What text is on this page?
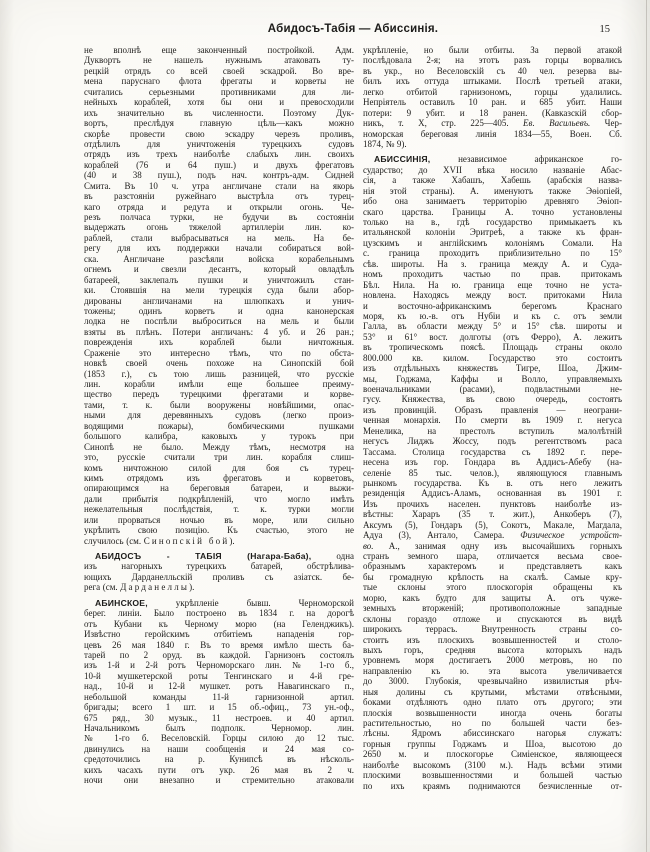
Абидосъ-Табія — Абиссинія.	15
не вполнѣ еще законченный постройкой. Адм.
Дуквортъ не нашелъ нужнымъ атаковать ту-
рецкій отрядъ со всей своей эскадрой. Во вре-
мена паруснаго флота фрегаты и корветы не
считались серьезными противниками для ли-
нейныхъ кораблей, хотя бы они и превосходили
ихъ значительно въ численности. Поэтому Дук-
вортъ, преслѣдуя главную цѣль—какъ можно
скорѣе провести свою эскадру черезъ проливъ,
отдѣлилъ для уничтоженія турецкихъ судовъ
отрядъ изъ трехъ наиболѣе слабыхъ лин. своихъ
кораблей (76 и 64 пуш.) и двухъ фрегатовъ
(40 и 38 пуш.), подъ нач. контръ-адм. Сидней
Смита. Въ 10 ч. утра англичане стали на якорь
въ разстояніи ружейнаго выстрѣла отъ турец-
каго отряда и редута и открыли огонь. Че-
резъ полчаса турки, не будучи въ состояніи
выдержать огонь тяжелой артиллеріи лин. ко-
раблей, стали выбрасываться на мель. На бе-
регу для ихъ поддержки начали собираться вой-
ска. Англичане разсѣяли войска корабельнымъ
огнемъ и свезли десантъ, который овладѣлъ
батареей, заклепалъ пушки и уничтожилъ стан-
ки. Стоявшія на мели турецкія суда были абор-
дированы англичанами на шлюпкахъ и унич-
тожены; одинъ корветъ и одна канонерская
лодка не поспѣли выброситься на мель и были
взяты въ плѣнъ. Потери англичанъ: 4 уб. и 26 ран.;
поврежденія ихъ кораблей были ничтожныя.
Сраженіе это интересно тѣмъ, что по обста-
новкѣ своей очень похоже на Синопскій бой
(1853 г.), съ тою лишь разницей, что русскіе
лин. корабли имѣли еще большее преиму-
щество передъ турецкими фрегатами и корве-
тами, т. к. были вооружены новѣйшими, опас-
ными для деревянныхъ судовъ (легко произ-
водящими пожары), бомбическими пушками
большого калибра, каковыхъ у турокъ при
Синопѣ не было. Между тѣмъ, несмотря на
это, русскіе считали три лин. корабля слиш-
комъ ничтожною силой для боя съ турец-
кимъ отрядомъ изъ фрегатовъ и корветовъ,
опирающимся на береговыя батареи, и выжи-
дали прибытія подкрѣпленій, что могло имѣть
нежелательныя послѣдствія, т. к. турки могли
или прорваться ночью въ море, или сильно
укрѣпить свою позицію. Къ счастью, этого не
случилось (см. Синопскій бой).
АБИДОСЪ - ТАБІЯ (Нагара-Баба), одна
изъ нагорныхъ турецкихъ батарей, обстрѣлива-
ющихъ Дарданелльскій проливъ съ азіатск. бе-
рега (см. Дарданеллы).
АБИНСКОЕ, укрѣпленіе бывш. Черноморской
берег. линіи. Было построено въ 1834 г. на дорогѣ
отъ Кубани къ Черному морю (на Геленджикъ).
Извѣстно геройскимъ отбитіемъ нападенія гор-
цевъ 26 мая 1840 г. Въ то время имѣло шесть ба-
тарей по 2 оруд. въ каждой. Гарнизонъ состоялъ
изъ 1-й и 2-й ротъ Черноморскаго лин. № 1-го б.,
10-й мушкетерской роты Тенгинскаго и 4-й гре-
над., 10-й и 12-й мушкет. ротъ Навагинскаго п.,
небольшой команды 11-й гарнизонной артил.
бригады; всего 1 шт. и 15 об.-офиц., 73 ун.-оф.,
675 ряд., 30 музык., 11 нестроев. и 40 артил.
Начальникомъ былъ подполк. Черномор. лин.
№ 1-го б. Веселовскій. Горцы силою до 12 тыс.
двинулись на наши сообщенія и 24 мая со-
средоточились на р. Кунипсѣ въ нѣсколь-
кихъ часахъ пути отъ укр. 26 мая въ 2 ч.
ночи они внезапно и стремительно атаковали
укрѣпленіе, но были отбиты. За первой атакой
послѣдовала 2-я; на этотъ разъ горцы ворвались
въ укр., но Веселовскій съ 40 чел. резерва вы-
билъ ихъ оттуда штыками. Послѣ третьей атаки,
легко отбитой гарнизономъ, горцы удалились.
Непріятель оставилъ 10 ран. и 685 убит. Наши
потери: 9 убит. и 18 ранен. (Кавказскій сбор-
никъ, т. X, стр. 225—405. Ев. Васильевъ. Чер-
номорская береговая линія 1834—55, Воен. Сб.
1874, № 9).
АБИССИНІЯ, независимое африканское го-
сударство; до XVII вѣка носило названіе Абас-
сія, а также Хабашъ, Хабешь (арабскія назва-
нія этой страны). А. именуютъ также Эѳіопіей,
ибо она занимаетъ территорію древняго Эѳіоп-
скаго царства. Границы А. точно установлены
только на в., гдѣ государство примыкаетъ къ
итальянской колоніи Эритреѣ, а также къ фран-
цузскимъ и англійскимъ колоніямъ Сомали. На
с. граница проходитъ приблизительно по 15°
сѣв. широты. На з. граница между А. и Суда-
номъ проходитъ частью по прав. притокамъ
Бѣл. Нила. На ю. граница еще точно не уста-
новлена. Находясь между вост. притоками Нила
и восточно-африканскимъ берегомъ Краснаго
моря, къ ю.-в. отъ Нубіи и къ с. отъ земли
Галла, въ области между 5° и 15° сѣв. широты и
53° и 61° вост. долготы (отъ Ферро), А. лежитъ
въ тропическомъ поясѣ. Площадь страны около
800.000 кв. килом. Государство это состоитъ
изъ отдѣльныхъ княжествъ Тигре, Шоа, Джим-
мы, Годжама, Каффы и Волло, управляемыхъ
военачальниками (расами), подвластными не-
гусу. Княжества, въ свою очередь, состоятъ
изъ провинцій. Образъ правленія — неограни-
ченная монархія. По смерти въ 1909 г. негуса
Менелика, на престолъ вступилъ малолѣтній
негусъ Лиджъ Жоссу, подъ регентствомъ раса
Тассама. Столица государства съ 1892 г. пере-
несена изъ гор. Гондара въ Аддисъ-Абебу (на-
селеніе 85 тыс. челов.), являющуюся главнымъ
рынкомъ государства. Къ в. отъ него лежитъ
резиденція Аддисъ-Аламъ, основанная въ 1901 г.
Изъ прочихъ населен. пунктовъ наиболѣе из-
вѣстны: Хараръ (35 т. жит.), Анкоберъ (7),
Аксумъ (5), Гондаръ (5), Сокотъ, Макале, Магдала,
Адуа (3), Антало, Самера. Физическое устройст-
во. А., занимая одну изъ высочайшихъ горныхъ
странъ земного шара, отличается весьма свое-
образнымъ характеромъ и представляетъ какъ
бы громадную крѣпость на скалѣ. Самые кру-
тые склоны этого плоскогорія обращены къ
морю, какъ будто для защиты А. отъ чуже-
земныхъ вторженій; противоположные западные
склоны гораздо отложе и спускаются въ видѣ
широкихъ террасъ. Внутренность страны со-
стоитъ изъ плоскихъ возвышенностей и столо-
выхъ горъ, средняя высота которыхъ надъ
уровнемъ моря достигаетъ 2000 метровъ, но по
направленію къ ю. эта высота увеличивается
до 3000. Глубокія, чрезвычайно извилистыя рѣч-
ныя долины съ крутыми, мѣстами отвѣсными,
боками отдѣляютъ одно плато отъ другого; эти
плоскія возвышенности иногда очень богаты
растительностью, но по большей части без-
лѣсны. Ядромъ абиссинскаго нагорья служатъ:
горныя группы Годжамъ и Шоа, высотою до
2650 м. и плоскогорье Симіенское, являющееся
наиболѣе высокомъ (3100 м.). Надъ всѣми этими
плоскими возвышенностями и большей частью
по ихъ краямъ поднимаются безчисленные от-
